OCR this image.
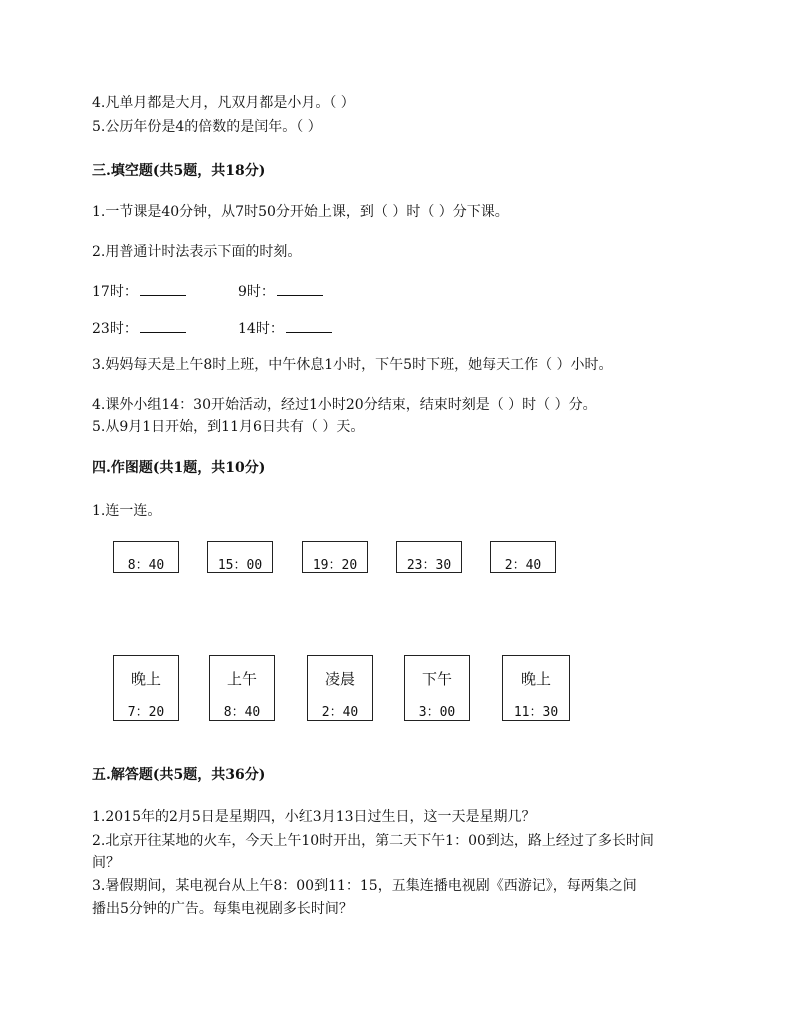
4.凡单月都是大月，凡双月都是小月。（ ）
5.公历年份是4的倍数的是闰年。（ ）
三.填空题(共5题，共18分)
1.一节课是40分钟，从7时50分开始上课，到（ ）时（ ）分下课。
2.用普通计时法表示下面的时刻。
17时：	9时：
23时：	14时：
3.妈妈每天是上午8时上班，中午休息1小时，下午5时下班，她每天工作（ ）小时。
4.课外小组14：30开始活动，经过1小时20分结束，结束时刻是（ ）时（ ）分。
5.从9月1日开始，到11月6日共有（ ）天。
四.作图题(共1题，共10分)
1.连一连。
8：40	15：00	19：20	23：30	2：40
晚上
7：20
上午
8：40
凌晨
2：40
下午
3：00
晚上
11：30
五.解答题(共5题，共36分)
1.2015年的2月5日是星期四，小红3月13日过生日，这一天是星期几？
2.北京开往某地的火车，今天上午10时开出，第二天下午1：00到达，路上经过了多长时间
间？
3.暑假期间，某电视台从上午8：00到11：15，五集连播电视剧《西游记》，每两集之间
播出5分钟的广告。每集电视剧多长时间？
